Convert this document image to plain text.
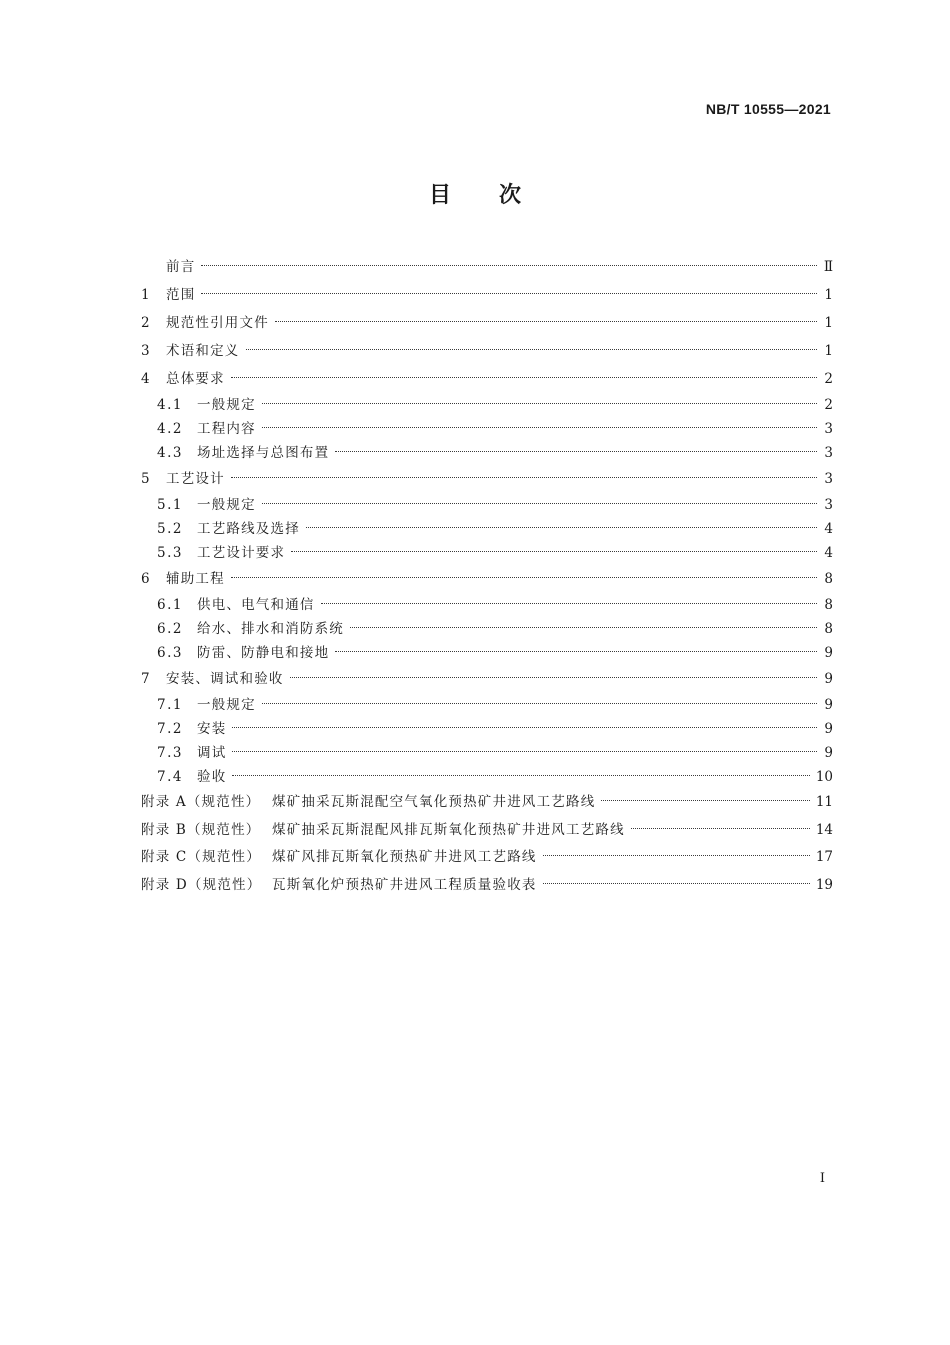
NB/T 10555—2021
目 次
前言	Ⅱ
1	范围	1
2	规范性引用文件	1
3	术语和定义	1
4	总体要求	2
4.1	一般规定	2
4.2	工程内容	3
4.3	场址选择与总图布置	3
5	工艺设计	3
5.1	一般规定	3
5.2	工艺路线及选择	4
5.3	工艺设计要求	4
6	辅助工程	8
6.1	供电、电气和通信	8
6.2	给水、排水和消防系统	8
6.3	防雷、防静电和接地	9
7	安装、调试和验收	9
7.1	一般规定	9
7.2	安装	9
7.3	调试	9
7.4	验收	10
附录 A（规范性） 煤矿抽采瓦斯混配空气氧化预热矿井进风工艺路线	11
附录 B（规范性） 煤矿抽采瓦斯混配风排瓦斯氧化预热矿井进风工艺路线	14
附录 C（规范性） 煤矿风排瓦斯氧化预热矿井进风工艺路线	17
附录 D（规范性） 瓦斯氧化炉预热矿井进风工程质量验收表	19
I
